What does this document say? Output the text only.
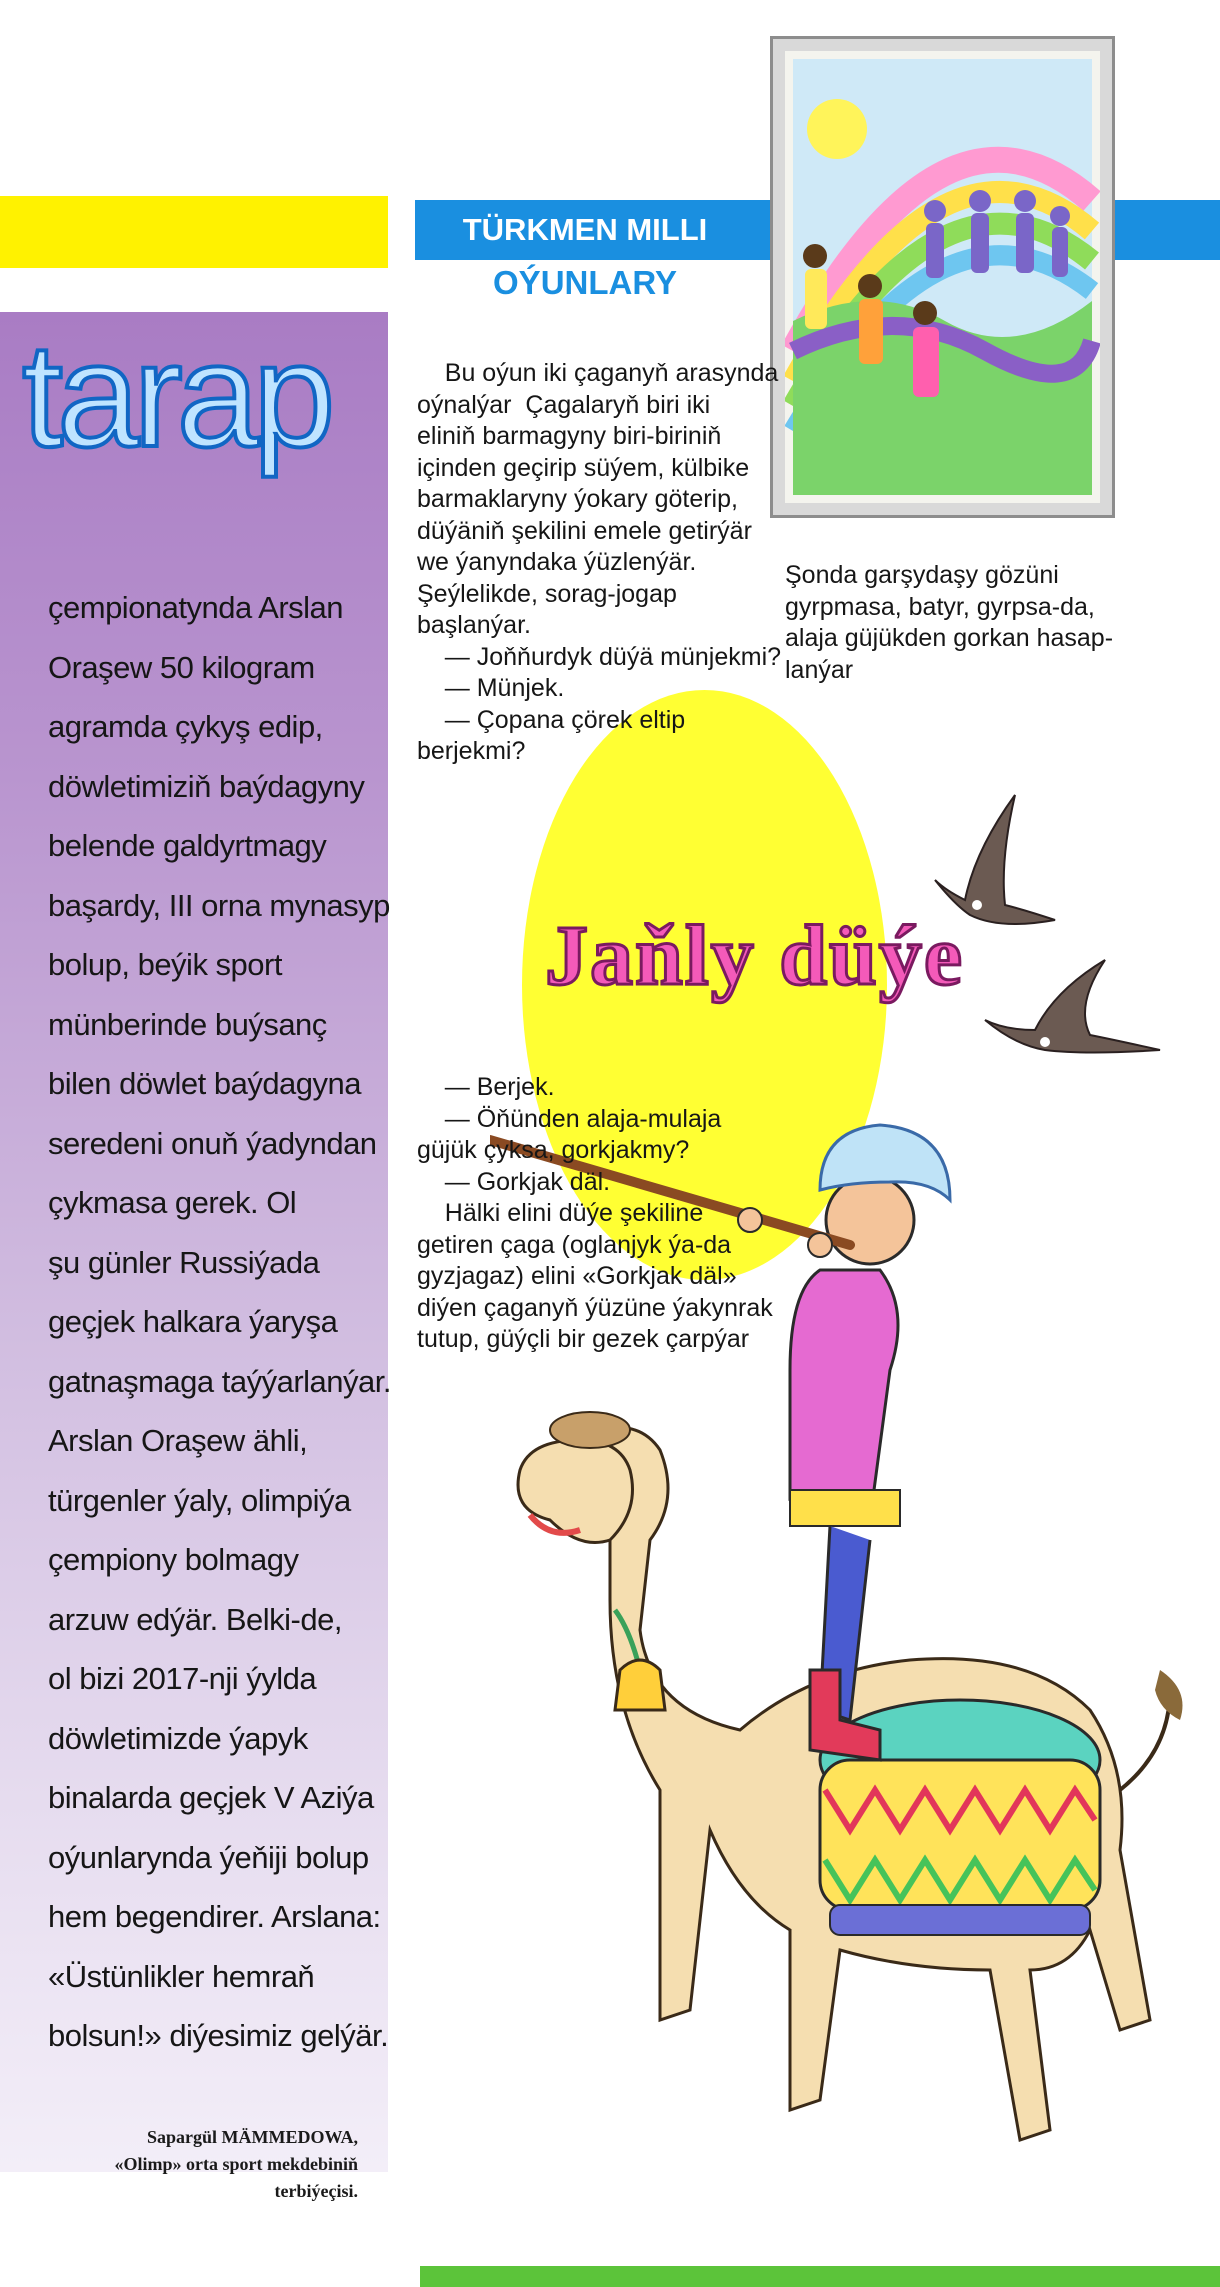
tarap
çempionatynda Arslan
Oraşew 50 kilogram
agramda çykyş edip,
döwletimiziň baýdagyny
belende galdyrtmagy
başardy, III orna mynasyp
bolup, beýik sport
münberinde buýsanç
bilen döwlet baýdagyna
seredeni onuň ýadyndan
çykmasa gerek. Ol
şu günler Russiýada
geçjek halkara ýaryşa
gatnaşmaga taýýarlanýar.
Arslan Oraşew ähli,
türgenler ýaly, olimpiýa
çempiony bolmagy
arzuw edýär. Belki-de,
ol bizi 2017-nji ýylda
döwletimizde ýapyk
binalarda geçjek V Aziýa
oýunlarynda ýeňiji bolup
hem begendirer. Arslana:
«Üstünlikler hemraň
bolsun!» diýesimiz gelýär.
Sapargül MÄMMEDOWA,
«Olimp» orta sport mekdebiniň
terbiýeçisi.
TÜRKMEN MILLI
OÝUNLARY
Bu oýun iki çaganyň arasynda
oýnalýar  Çagalaryň biri iki
eliniň barmagyny biri-biriniň
içinden geçirip süýem, külbike
barmaklaryny ýokary göterip,
düýäniň şekilini emele getirýär
we ýanyndaka ýüzlenýär.
Şeýlelikde, sorag-jogap
başlanýar.
— Joňňurdyk düýä münjekmi?
— Münjek.
— Çopana çörek eltip
berjekmi?
Şonda garşydaşy gözüni
gyrpmasa, batyr, gyrpsa-da,
alaja güjükden gorkan hasap-
lanýar
Jaňly düýe
— Berjek.
— Öňünden alaja-mulaja
güjük çyksa, gorkjakmy?
— Gorkjak däl.
Hälki elini düýe şekiline
getiren çaga (oglanjyk ýa-da
gyzjagaz) elini «Gorkjak däl»
diýen çaganyň ýüzüne ýakynrak
tutup, güýçli bir gezek çarpýar
